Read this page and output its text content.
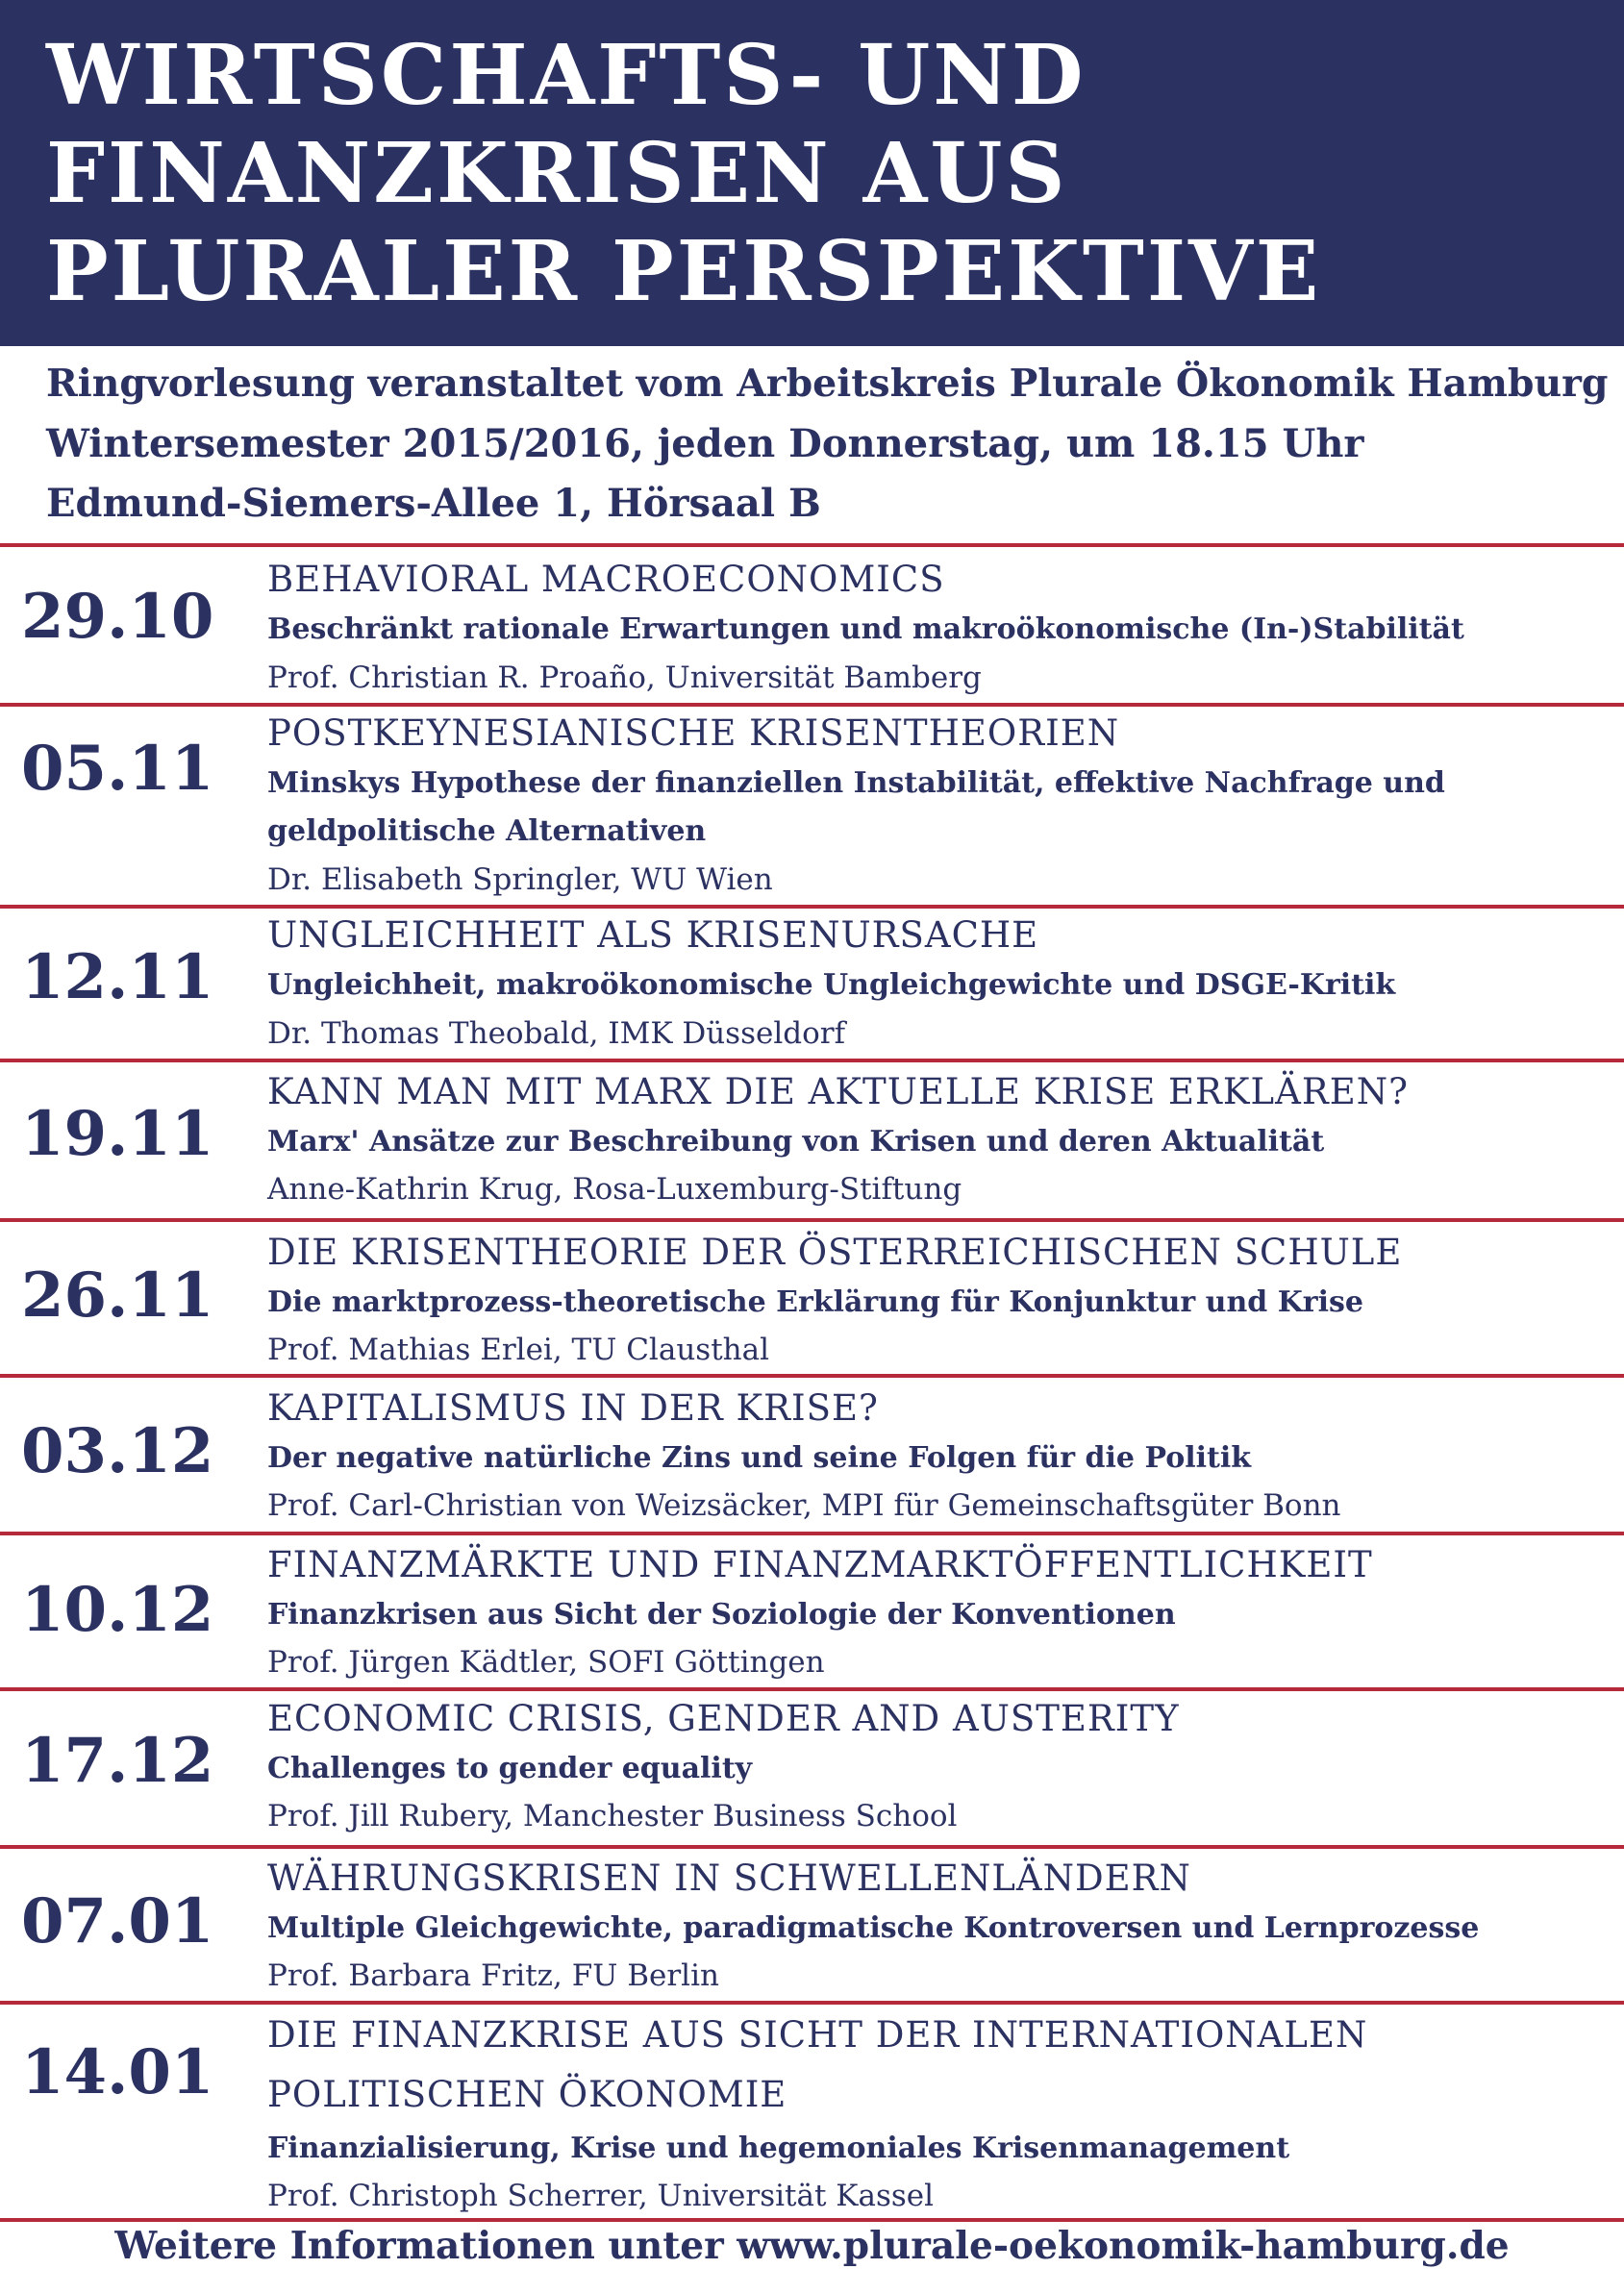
WIRTSCHAFTS- UND
FINANZKRISEN AUS
PLURALER PERSPEKTIVE
Ringvorlesung veranstaltet vom Arbeitskreis Plurale Ökonomik Hamburg
Wintersemester 2015/2016, jeden Donnerstag, um 18.15 Uhr
Edmund-Siemers-Allee 1, Hörsaal B
29.10
BEHAVIORAL MACROECONOMICS
Beschränkt rationale Erwartungen und makroökonomische (In-)Stabilität
Prof. Christian R. Proaño, Universität Bamberg
05.11 POSTKEYNESIANISCHE KRISENTHEORIEN
Minskys Hypothese der finanziellen Instabilität, effektive Nachfrage und
geldpolitische Alternativen
Dr. Elisabeth Springler, WU Wien
12.11
UNGLEICHHEIT ALS KRISENURSACHE
Ungleichheit, makroökonomische Ungleichgewichte und DSGE-Kritik
Dr. Thomas Theobald, IMK Düsseldorf
19.11
KANN MAN MIT MARX DIE AKTUELLE KRISE ERKLÄREN?
Marx' Ansätze zur Beschreibung von Krisen und deren Aktualität
Anne-Kathrin Krug, Rosa-Luxemburg-Stiftung
26.11
DIE KRISENTHEORIE DER ÖSTERREICHISCHEN SCHULE
Die marktprozess-theoretische Erklärung für Konjunktur und Krise
Prof. Mathias Erlei, TU Clausthal
03.12
KAPITALISMUS IN DER KRISE?
Der negative natürliche Zins und seine Folgen für die Politik
Prof. Carl-Christian von Weizsäcker, MPI für Gemeinschaftsgüter Bonn
10.12
FINANZMÄRKTE UND FINANZMARKTÖFFENTLICHKEIT
Finanzkrisen aus Sicht der Soziologie der Konventionen
Prof. Jürgen Kädtler, SOFI Göttingen
17.12
ECONOMIC CRISIS, GENDER AND AUSTERITY
Challenges to gender equality
Prof. Jill Rubery, Manchester Business School
07.01
WÄHRUNGSKRISEN IN SCHWELLENLÄNDERN
Multiple Gleichgewichte, paradigmatische Kontroversen und Lernprozesse
Prof. Barbara Fritz, FU Berlin
14.01
DIE FINANZKRISE AUS SICHT DER INTERNATIONALEN
POLITISCHEN ÖKONOMIE
Finanzialisierung, Krise und hegemoniales Krisenmanagement
Prof. Christoph Scherrer, Universität Kassel
Weitere Informationen unter www.plurale-oekonomik-hamburg.de
